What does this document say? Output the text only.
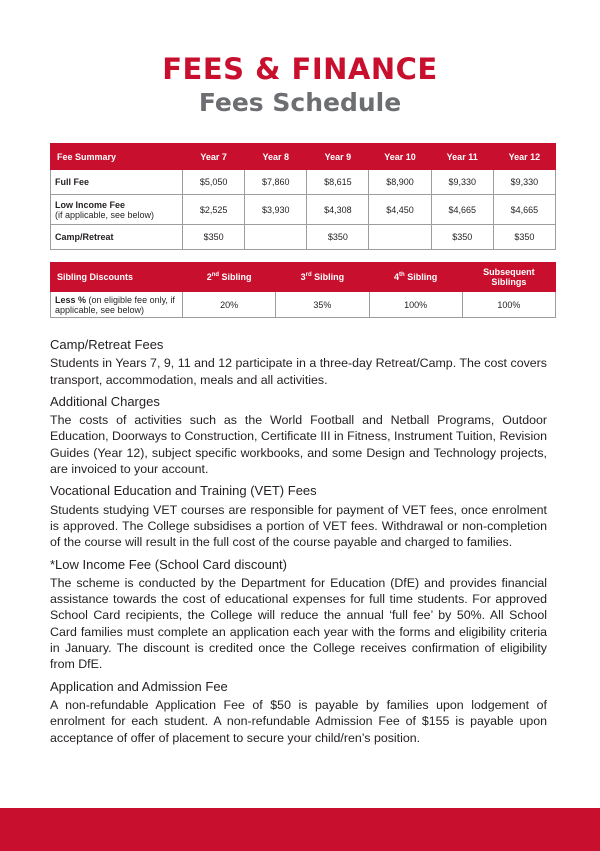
FEES & FINANCE
Fees Schedule
Fee Summary	Year 7	Year 8	Year 9	Year 10	Year 11	Year 12
Full Fee	$5,050	$7,860	$8,615	$8,900	$9,330	$9,330
Low Income Fee
(if applicable, see below)	$2,525	$3,930	$4,308	$4,450	$4,665	$4,665
Camp/Retreat	$350		$350		$350	$350
Sibling Discounts	2nd Sibling	3rd Sibling	4th Sibling	Subsequent
Siblings
Less % (on eligible fee only, if applicable, see below)	20%	35%	100%	100%
Camp/Retreat Fees

Students in Years 7, 9, 11 and 12 participate in a three-day Retreat/Camp. The cost covers transport, accommodation, meals and all activities.

Additional Charges

The costs of activities such as the World Football and Netball Programs, Outdoor Education, Doorways to Construction, Certificate III in Fitness, Instrument Tuition, Revision Guides (Year 12), subject specific workbooks, and some Design and Technology projects, are invoiced to your account.

Vocational Education and Training (VET) Fees

Students studying VET courses are responsible for payment of VET fees, once enrolment is approved. The College subsidises a portion of VET fees. Withdrawal or non-completion of the course will result in the full cost of the course payable and charged to families.

*Low Income Fee (School Card discount)

The scheme is conducted by the Department for Education (DfE) and provides financial assistance towards the cost of educational expenses for full time students. For approved School Card recipients, the College will reduce the annual ‘full fee’ by 50%. All School Card families must complete an application each year with the forms and eligibility criteria in January. The discount is credited once the College receives confirmation of eligibility from DfE.

Application and Admission Fee

A non-refundable Application Fee of $50 is payable by families upon lodgement of enrolment for each student. A non-refundable Admission Fee of $155 is payable upon acceptance of offer of placement to secure your child/ren’s position.
